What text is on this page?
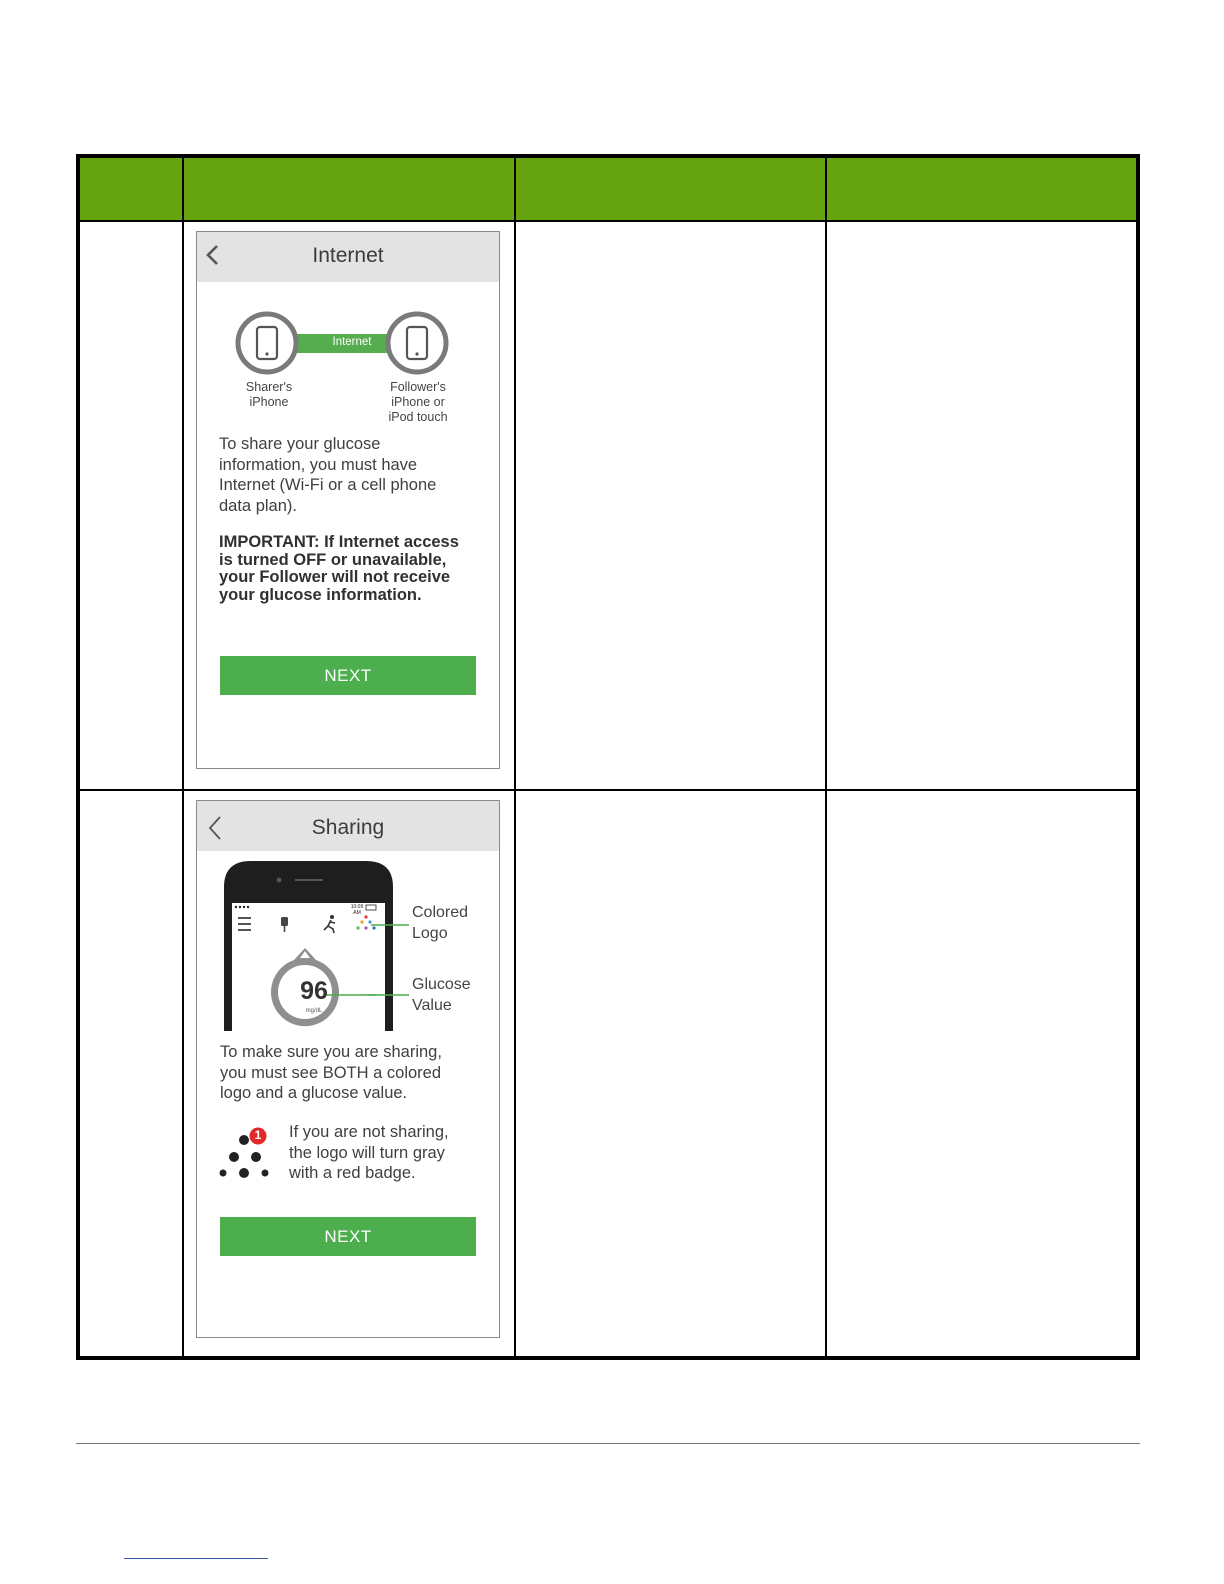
Internet
Internet
Sharer's
iPhone
Follower's
iPhone or
iPod touch
To share your glucose
information, you must have
Internet (Wi-Fi or a cell phone
data plan).
IMPORTANT: If Internet access
is turned OFF or unavailable,
your Follower will not receive
your glucose information.
NEXT
Sharing
96
mg/dL
10:09 AM	Colored
Logo
Glucose
Value
To make sure you are sharing,
you must see BOTH a colored
logo and a glucose value.
1 If you are not sharing,
the logo will turn gray
with a red badge.
NEXT
